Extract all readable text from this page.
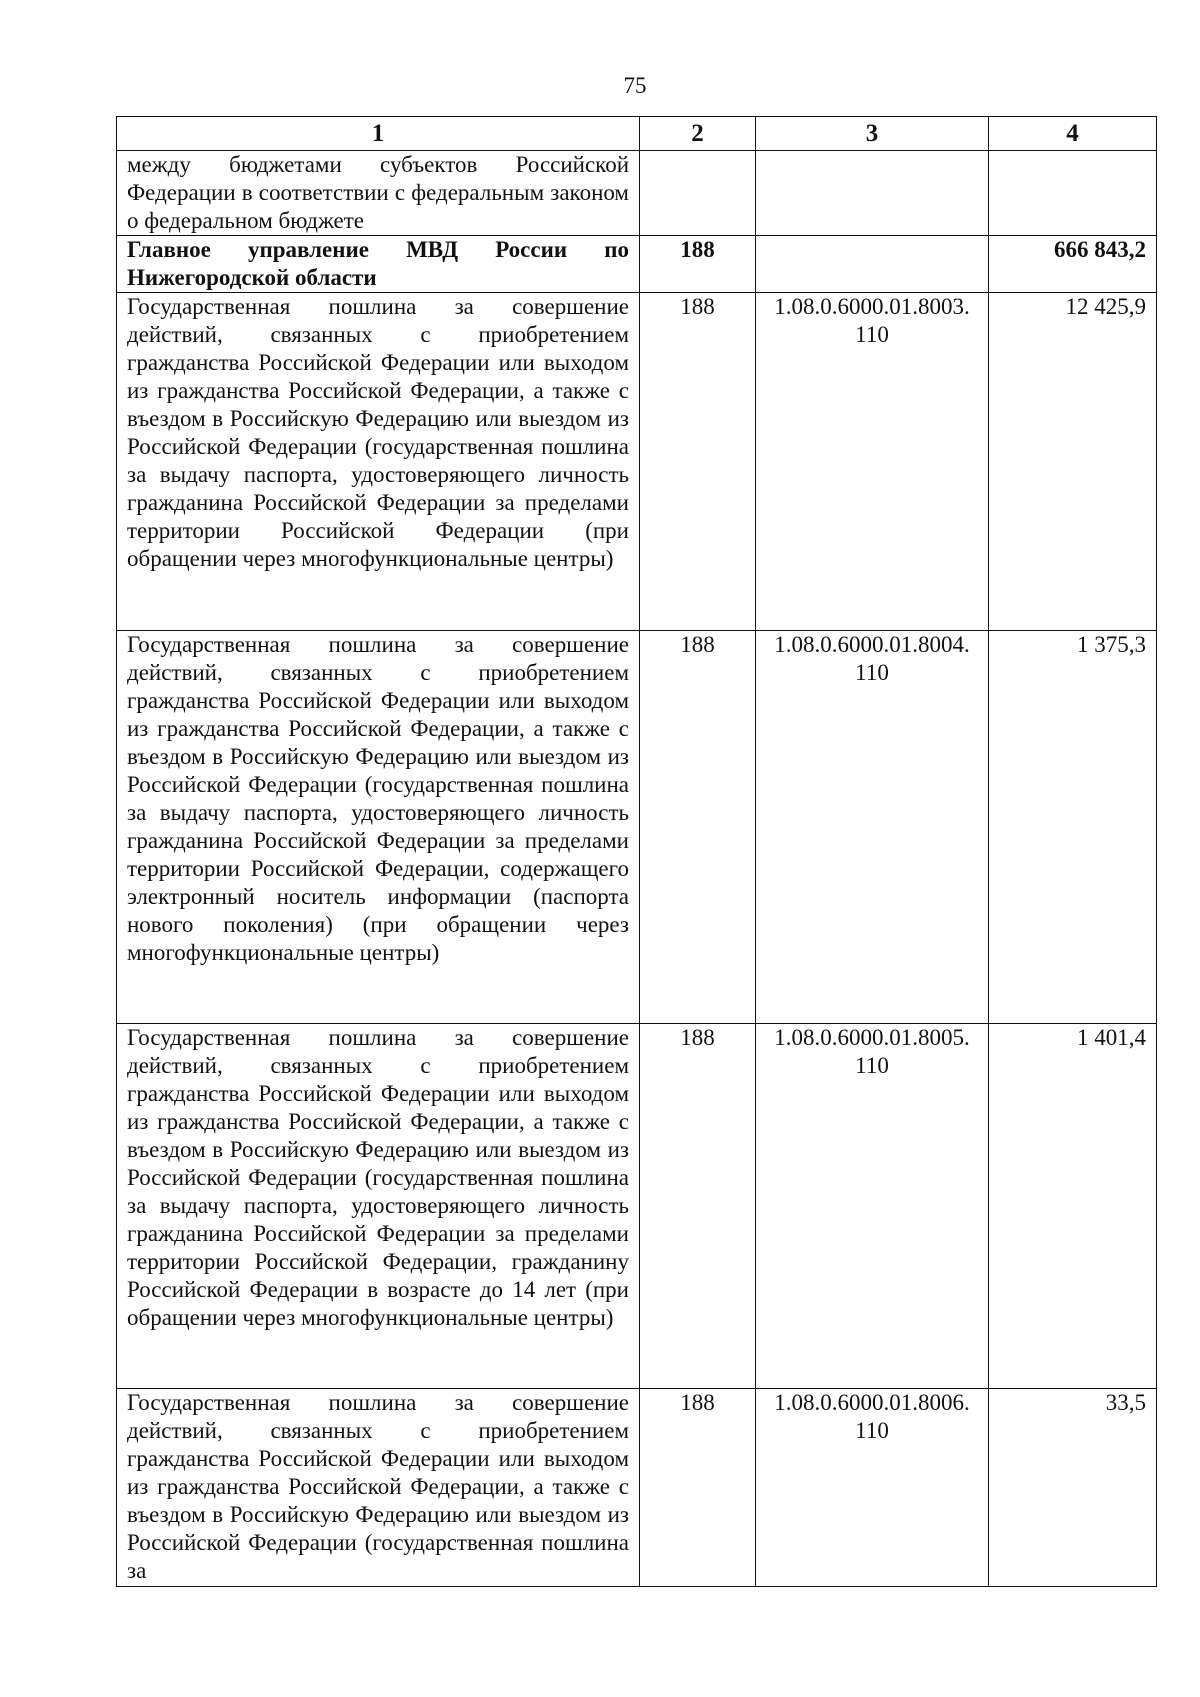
75
1	2	3	4
между бюджетами субъектов Российской Федерации в соответствии с федеральным законом о федеральном бюджете			
Главное управление МВД России по Нижегородской области	188		666 843,2
Государственная пошлина за совершение действий, связанных с приобретением гражданства Российской Федерации или выходом из гражданства Российской Федерации, а также с въездом в Российскую Федерацию или выездом из Российской Федерации (государственная пошлина за выдачу паспорта, удостоверяющего личность гражданина Российской Федерации за пределами территории Российской Федерации (при обращении через многофункциональные центры)	188	1.08.0.6000.01.8003. 110	12 425,9
Государственная пошлина за совершение действий, связанных с приобретением гражданства Российской Федерации или выходом из гражданства Российской Федерации, а также с въездом в Российскую Федерацию или выездом из Российской Федерации (государственная пошлина за выдачу паспорта, удостоверяющего личность гражданина Российской Федерации за пределами территории Российской Федерации, содержащего электронный носитель информации (паспорта нового поколения) (при обращении через многофункциональные центры)	188	1.08.0.6000.01.8004. 110	1 375,3
Государственная пошлина за совершение действий, связанных с приобретением гражданства Российской Федерации или выходом из гражданства Российской Федерации, а также с въездом в Российскую Федерацию или выездом из Российской Федерации (государственная пошлина за выдачу паспорта, удостоверяющего личность гражданина Российской Федерации за пределами территории Российской Федерации, гражданину Российской Федерации в возрасте до 14 лет (при обращении через многофункциональные центры)	188	1.08.0.6000.01.8005. 110	1 401,4
Государственная пошлина за совершение действий, связанных с приобретением гражданства Российской Федерации или выходом из гражданства Российской Федерации, а также с въездом в Российскую Федерацию или выездом из Российской Федерации (государственная пошлина за	188	1.08.0.6000.01.8006. 110	33,5
